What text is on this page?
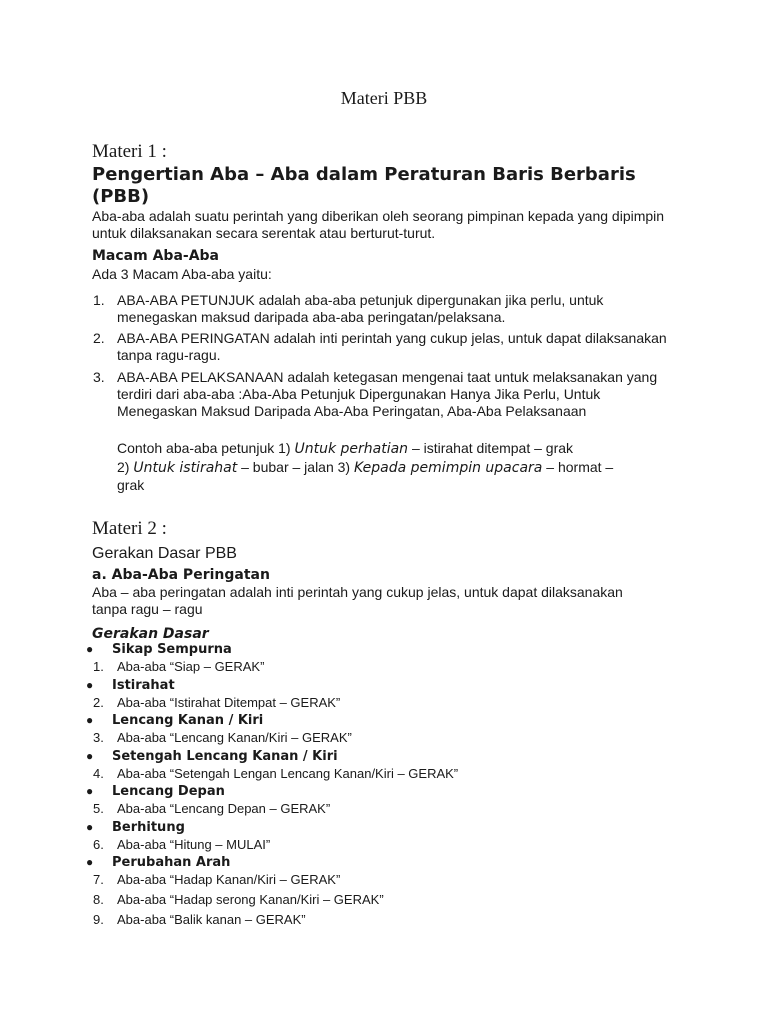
Materi PBB
Materi 1 :
Pengertian Aba – Aba dalam Peraturan Baris Berbaris (PBB)
Aba-aba adalah suatu perintah yang diberikan oleh seorang pimpinan kepada yang dipimpin untuk dilaksanakan secara serentak atau berturut-turut.
Macam Aba-Aba
Ada 3 Macam Aba-aba yaitu:
1. ABA-ABA PETUNJUK adalah aba-aba petunjuk dipergunakan jika perlu, untuk menegaskan maksud daripada aba-aba peringatan/pelaksana.
2. ABA-ABA PERINGATAN adalah inti perintah yang cukup jelas, untuk dapat dilaksanakan tanpa ragu-ragu.
3. ABA-ABA PELAKSANAAN adalah ketegasan mengenai taat untuk melaksanakan yang terdiri dari aba-aba :Aba-Aba Petunjuk Dipergunakan Hanya Jika Perlu, Untuk Menegaskan Maksud Daripada Aba-Aba Peringatan, Aba-Aba Pelaksanaan
Contoh aba-aba petunjuk 1) Untuk perhatian – istirahat ditempat – grak
2) Untuk istirahat – bubar – jalan 3) Kepada pemimpin upacara – hormat –
grak
Materi 2 :
Gerakan Dasar PBB
a. Aba-Aba Peringatan
Aba – aba peringatan adalah inti perintah yang cukup jelas, untuk dapat dilaksanakan tanpa ragu – ragu
Gerakan Dasar
● Sikap Sempurna
1. Aba-aba “Siap – GERAK”
● Istirahat
2. Aba-aba “Istirahat Ditempat – GERAK”
● Lencang Kanan / Kiri
3. Aba-aba “Lencang Kanan/Kiri – GERAK”
● Setengah Lencang Kanan / Kiri
4. Aba-aba “Setengah Lengan Lencang Kanan/Kiri – GERAK”
● Lencang Depan
5. Aba-aba “Lencang Depan – GERAK”
● Berhitung
6. Aba-aba “Hitung – MULAI”
● Perubahan Arah
7. Aba-aba “Hadap Kanan/Kiri – GERAK”
8. Aba-aba “Hadap serong Kanan/Kiri – GERAK”
9. Aba-aba “Balik kanan – GERAK”
